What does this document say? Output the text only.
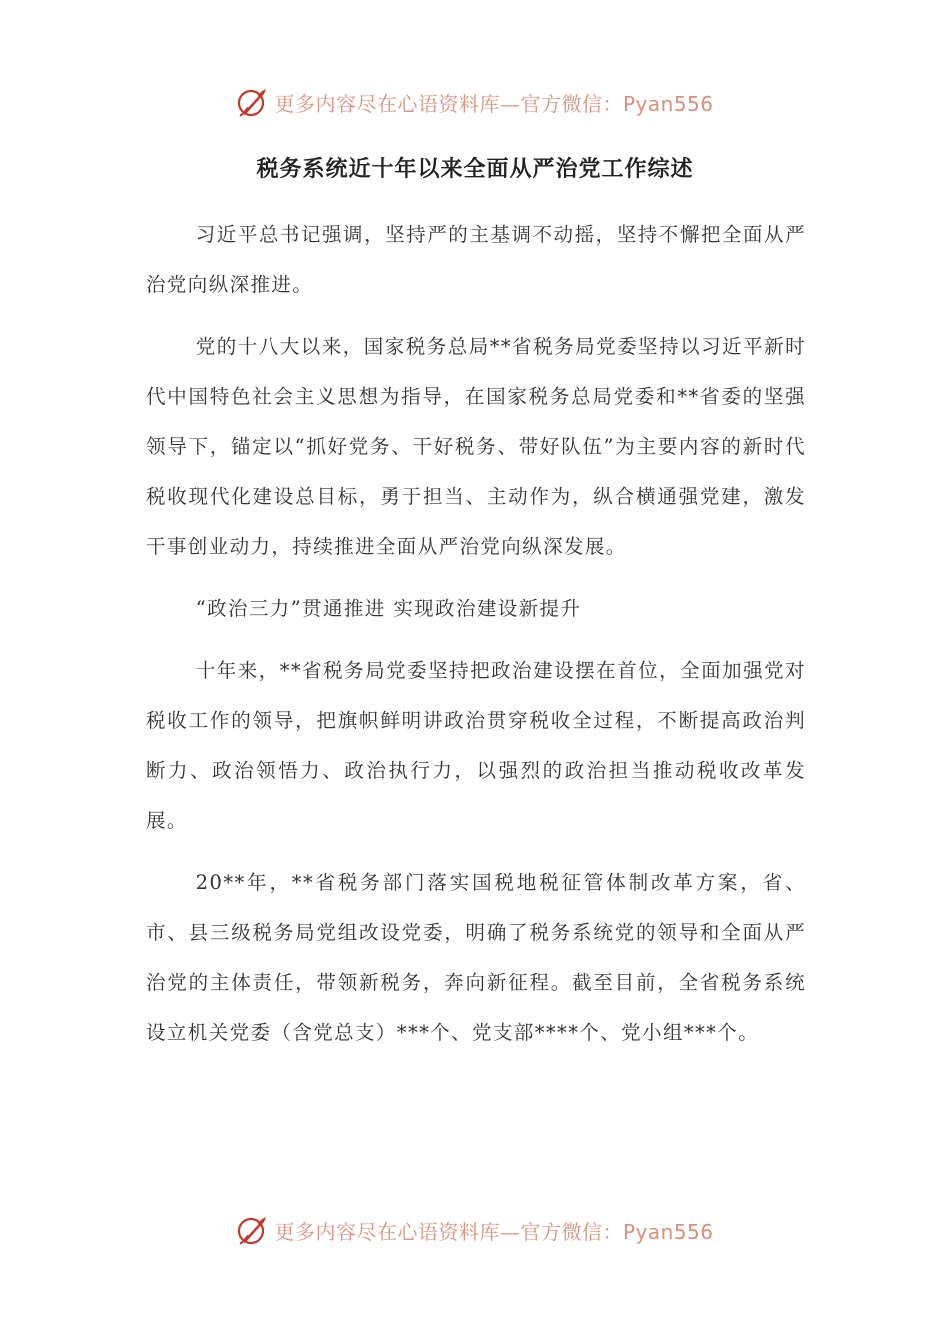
更多内容尽在心语资料库—官方微信：Pyan556
税务系统近十年以来全面从严治党工作综述

习近平总书记强调，坚持严的主基调不动摇，坚持不懈把全面从严治党向纵深推进。

党的十八大以来，国家税务总局**省税务局党委坚持以习近平新时代中国特色社会主义思想为指导，在国家税务总局党委和**省委的坚强领导下，锚定以“抓好党务、干好税务、带好队伍”为主要内容的新时代税收现代化建设总目标，勇于担当、主动作为，纵合横通强党建，激发干事创业动力，持续推进全面从严治党向纵深发展。

“政治三力”贯通推进 实现政治建设新提升

十年来，**省税务局党委坚持把政治建设摆在首位，全面加强党对税收工作的领导，把旗帜鲜明讲政治贯穿税收全过程，不断提高政治判断力、政治领悟力、政治执行力，以强烈的政治担当推动税收改革发展。

20**年，**省税务部门落实国税地税征管体制改革方案，省、市、县三级税务局党组改设党委，明确了税务系统党的领导和全面从严治党的主体责任，带领新税务，奔向新征程。截至目前，全省税务系统设立机关党委（含党总支）***个、党支部****个、党小组***个。

更多内容尽在心语资料库—官方微信：Pyan556
